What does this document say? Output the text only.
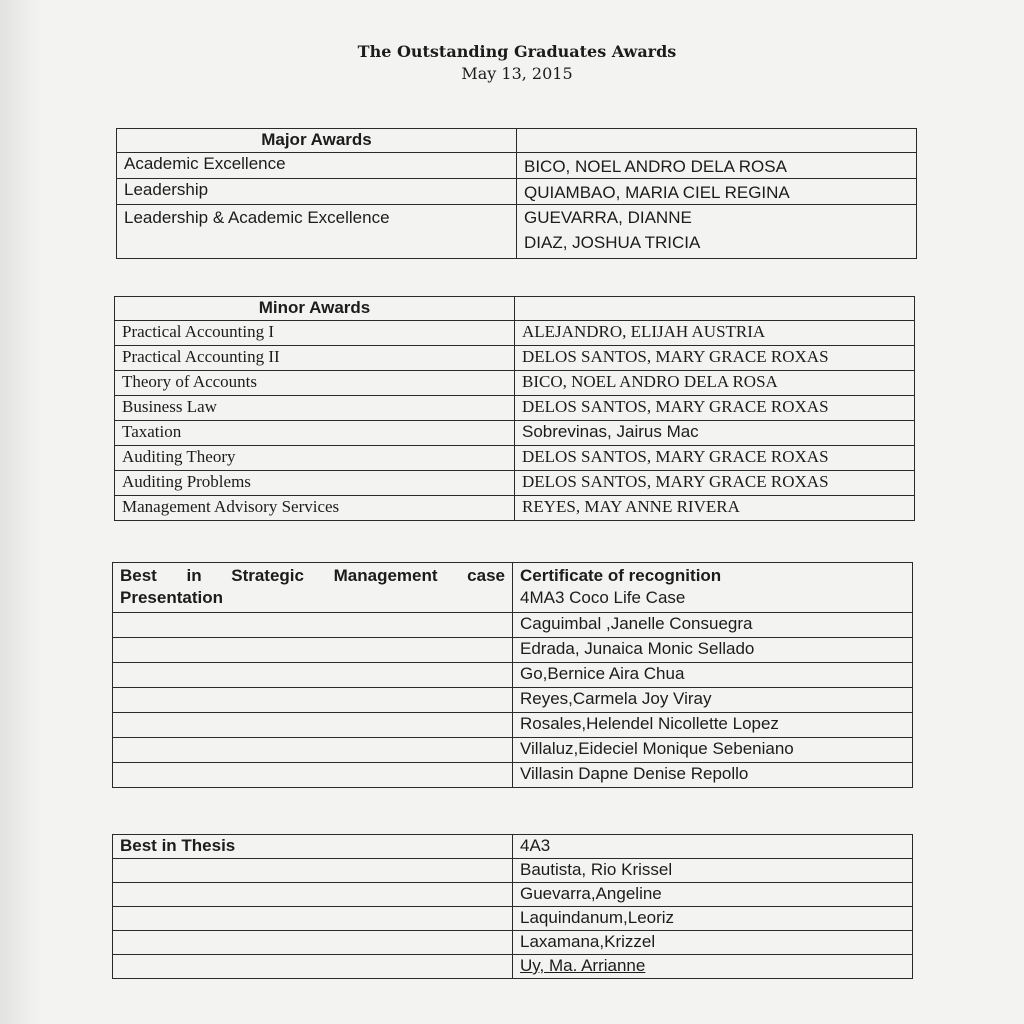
The Outstanding Graduates Awards
May 13, 2015
Major Awards	
Academic Excellence	BICO, NOEL ANDRO DELA ROSA
Leadership	QUIAMBAO, MARIA CIEL REGINA
Leadership & Academic Excellence	GUEVARRA, DIANNE
DIAZ, JOSHUA TRICIA
Minor Awards	
Practical Accounting I	ALEJANDRO, ELIJAH AUSTRIA
Practical Accounting II	DELOS SANTOS, MARY GRACE ROXAS
Theory of Accounts	BICO, NOEL ANDRO DELA ROSA
Business Law	DELOS SANTOS, MARY GRACE ROXAS
Taxation	Sobrevinas, Jairus Mac
Auditing Theory	DELOS SANTOS, MARY GRACE ROXAS
Auditing Problems	DELOS SANTOS, MARY GRACE ROXAS
Management Advisory Services	REYES, MAY ANNE RIVERA
Best in Strategic Management case Presentation	Certificate of recognition
4MA3 Coco Life Case

	Caguimbal ,Janelle Consuegra
	Edrada, Junaica Monic Sellado
	Go,Bernice Aira Chua
	Reyes,Carmela Joy Viray
	Rosales,Helendel Nicollette Lopez
	Villaluz,Eideciel Monique Sebeniano
	Villasin Dapne Denise Repollo
Best in Thesis	4A3
	Bautista, Rio Krissel
	Guevarra,Angeline
	Laquindanum,Leoriz
	Laxamana,Krizzel
	Uy, Ma. Arrianne
